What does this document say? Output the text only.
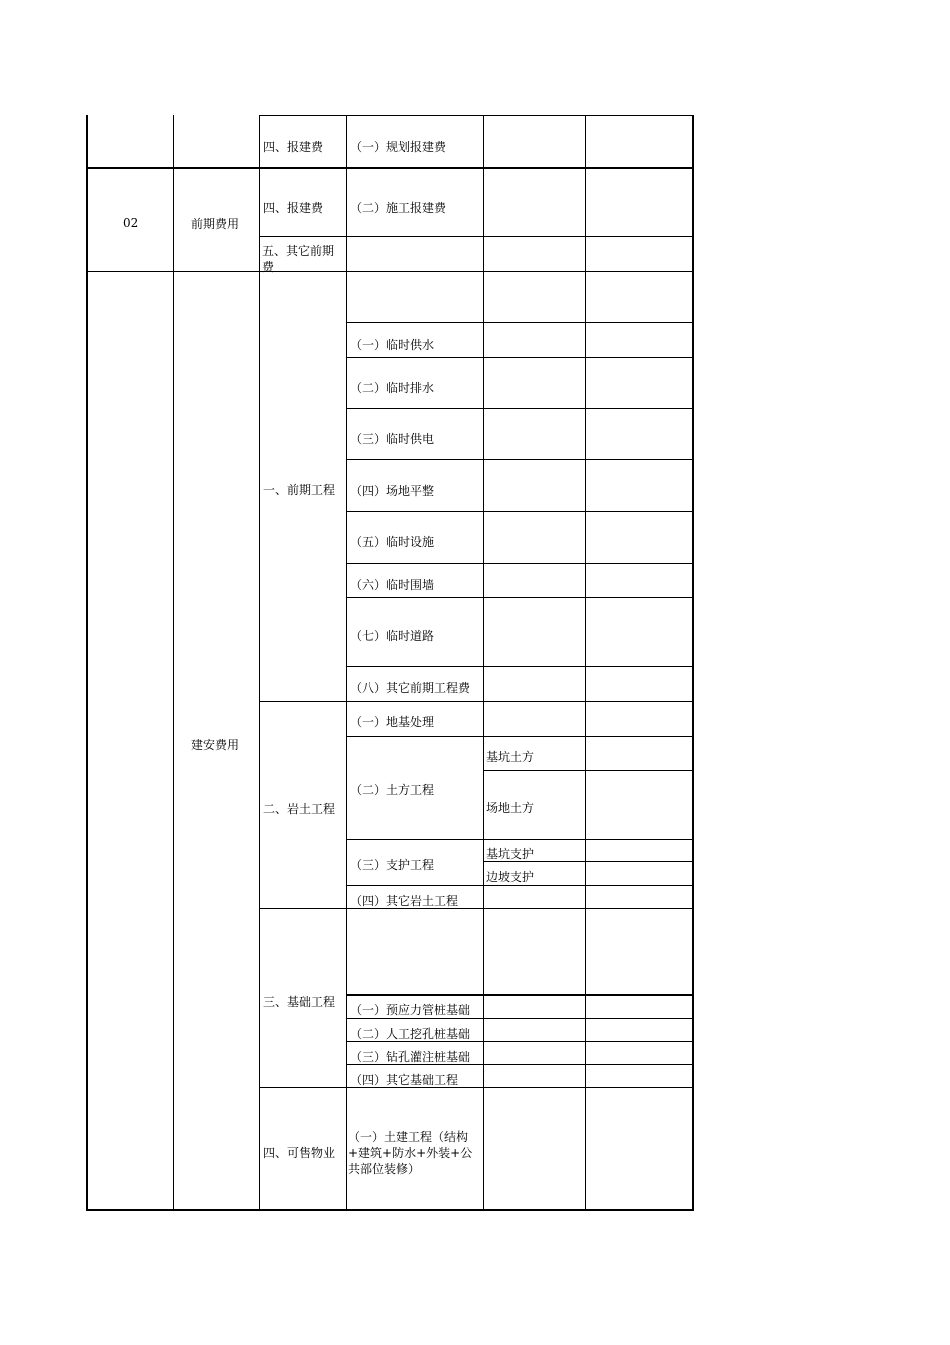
02	前期费用
建安费用
四、报建费
四、报建费
五、其它前期费
一、前期工程
二、岩土工程
三、基础工程
四、可售物业
（一）规划报建费
（二）施工报建费
（一）临时供水
（二）临时排水
（三）临时供电
（四）场地平整
（五）临时设施
（六）临时围墙
（七）临时道路
（八）其它前期工程费
（一）地基处理
（二）土方工程
（三）支护工程
（四）其它岩土工程
（一）预应力管桩基础
（二）人工挖孔桩基础
（三）钻孔灌注桩基础
（四）其它基础工程
（一）土建工程（结构+建筑+防水+外装+公共部位装修）
基坑土方
场地土方
基坑支护
边坡支护
